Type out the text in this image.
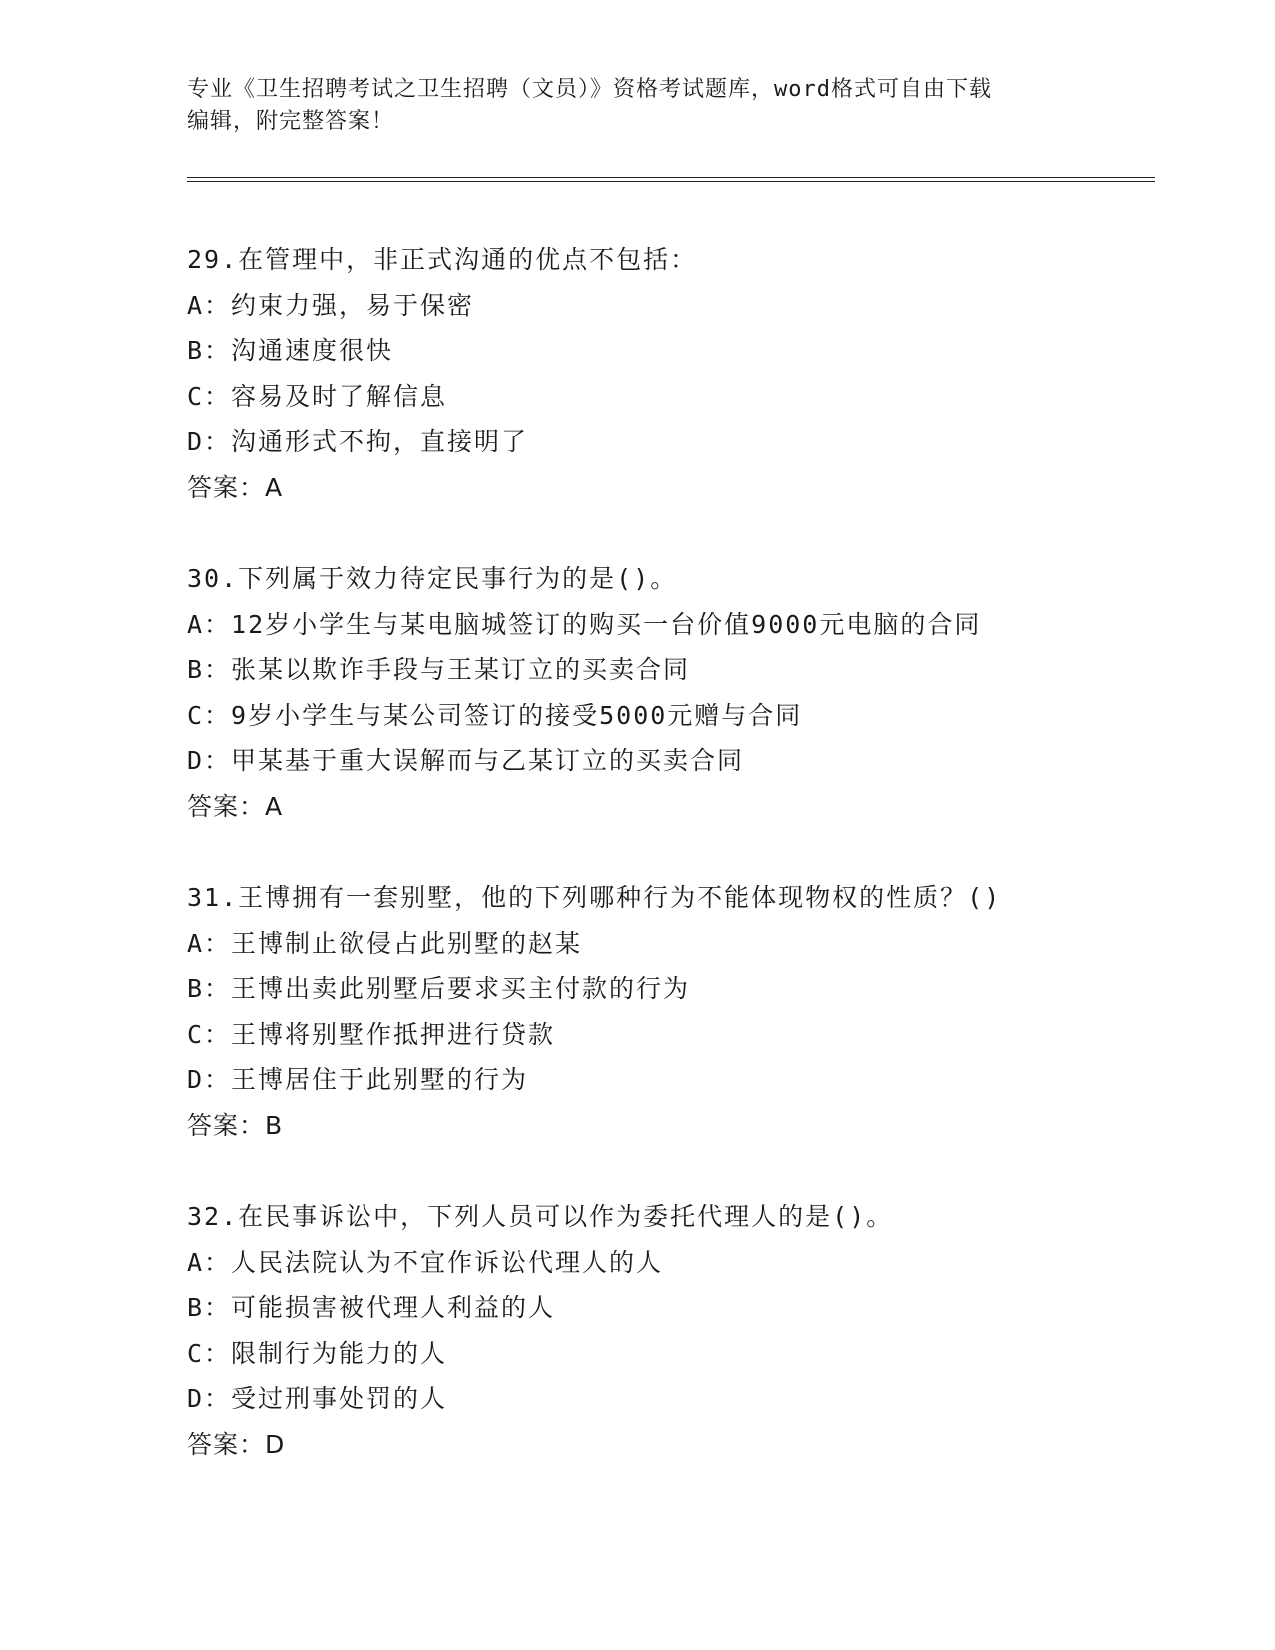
专业《卫生招聘考试之卫生招聘（文员）》资格考试题库，word格式可自由下载
编辑，附完整答案！
29.在管理中，非正式沟通的优点不包括：
A：约束力强，易于保密
B：沟通速度很快
C：容易及时了解信息
D：沟通形式不拘，直接明了
答案：A
30.下列属于效力待定民事行为的是()。
A：12岁小学生与某电脑城签订的购买一台价值9000元电脑的合同
B：张某以欺诈手段与王某订立的买卖合同
C：9岁小学生与某公司签订的接受5000元赠与合同
D：甲某基于重大误解而与乙某订立的买卖合同
答案：A
31.王博拥有一套别墅，他的下列哪种行为不能体现物权的性质？()
A：王博制止欲侵占此别墅的赵某
B：王博出卖此别墅后要求买主付款的行为
C：王博将别墅作抵押进行贷款
D：王博居住于此别墅的行为
答案：B
32.在民事诉讼中，下列人员可以作为委托代理人的是()。
A：人民法院认为不宜作诉讼代理人的人
B：可能损害被代理人利益的人
C：限制行为能力的人
D：受过刑事处罚的人
答案：D
